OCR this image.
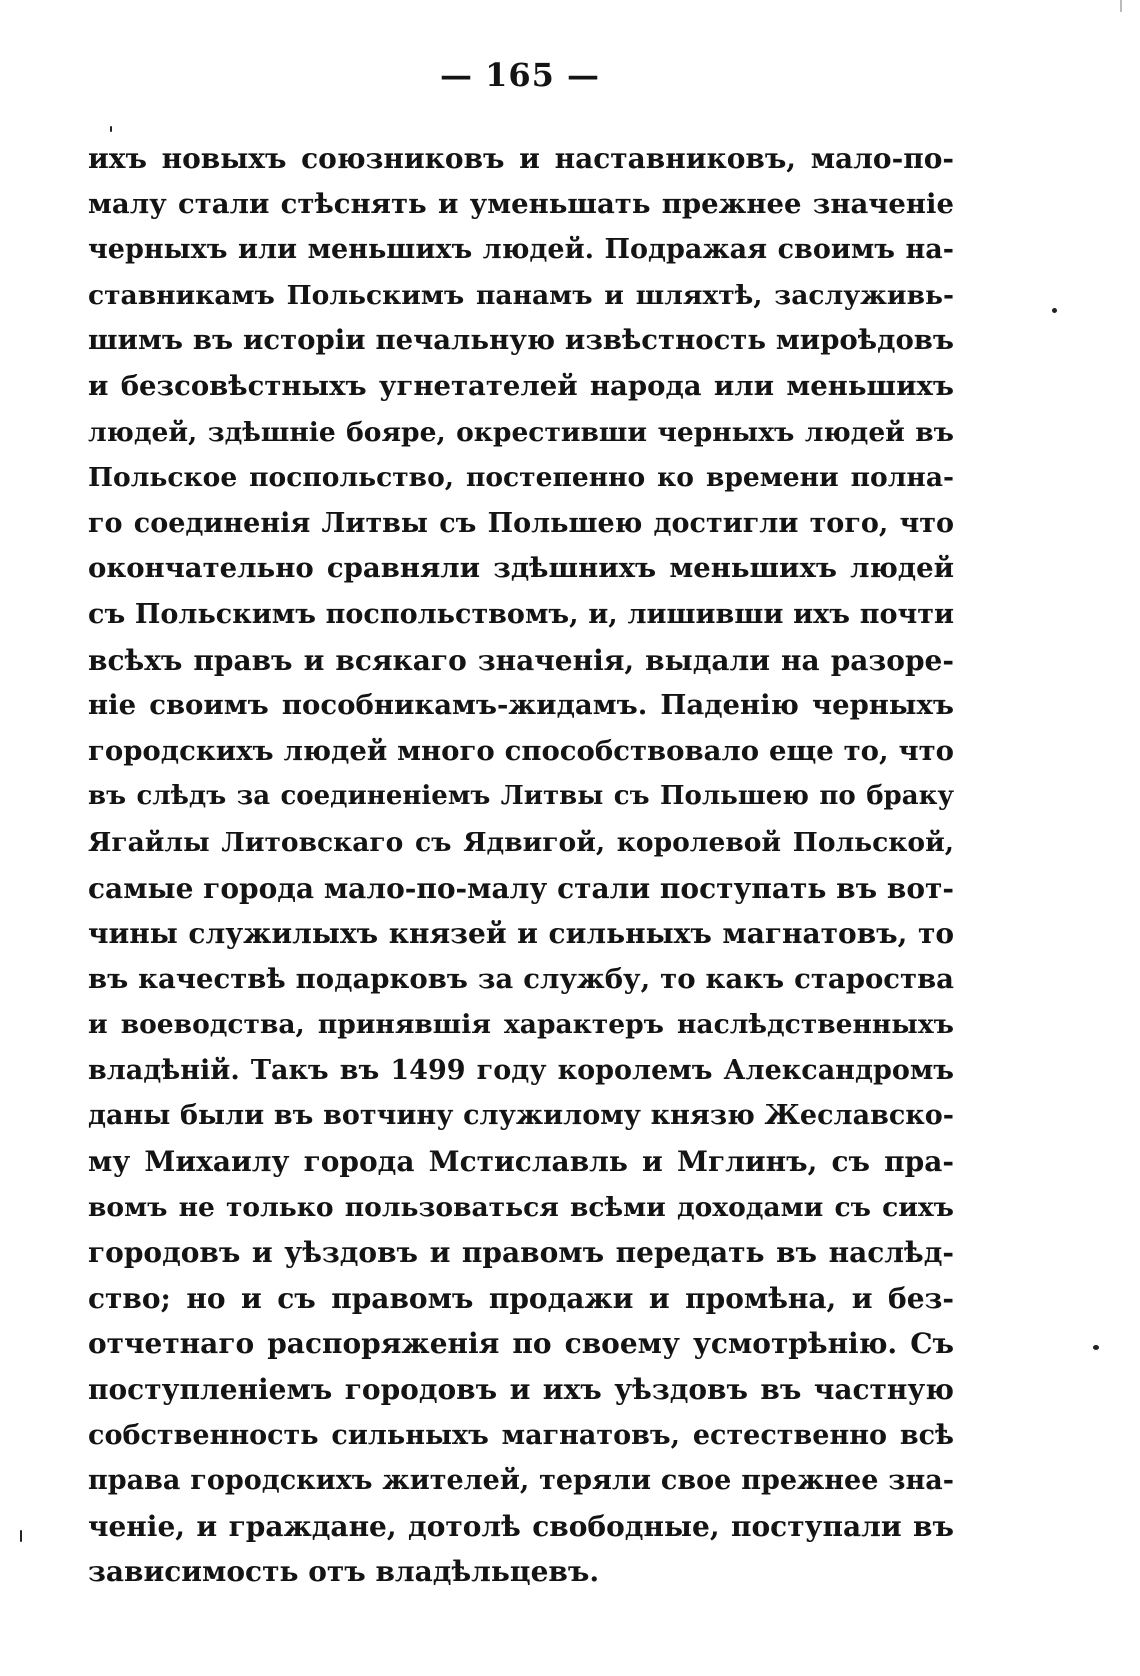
— 165 —
ихъ новыхъ союзниковъ и наставниковъ, мало-по-
малу стали стѣснять и уменьшать прежнее значеніе
черныхъ или меньшихъ людей. Подражая своимъ на-
ставникамъ Польскимъ панамъ и шляхтѣ, заслуживь-
шимъ въ исторіи печальную извѣстность мироѣдовъ
и безсовѣстныхъ угнетателей народа или меньшихъ
людей, здѣшніе бояре, окрестивши черныхъ людей въ
Польское поспольство, постепенно ко времени полна-
го соединенія Литвы съ Польшею достигли того, что
окончательно сравняли здѣшнихъ меньшихъ людей
съ Польскимъ поспольствомъ, и, лишивши ихъ почти
всѣхъ правъ и всякаго значенія, выдали на разоре-
ніе своимъ пособникамъ-жидамъ. Паденію черныхъ
городскихъ людей много способствовало еще то, что
въ слѣдъ за соединеніемъ Литвы съ Польшею по браку
Ягайлы Литовскаго съ Ядвигой, королевой Польской,
самые города мало-по-малу стали поступать въ вот-
чины служилыхъ князей и сильныхъ магнатовъ, то
въ качествѣ подарковъ за службу, то какъ староства
и воеводства, принявшія характеръ наслѣдственныхъ
владѣній. Такъ въ 1499 году королемъ Александромъ
даны были въ вотчину служилому князю Жеславско-
му Михаилу города Мстиславль и Мглинъ, съ пра-
вомъ не только пользоваться всѣми доходами съ сихъ
городовъ и уѣздовъ и правомъ передать въ наслѣд-
ство; но и съ правомъ продажи и промѣна, и без-
отчетнаго распоряженія по своему усмотрѣнію. Съ
поступленіемъ городовъ и ихъ уѣздовъ въ частную
собственность сильныхъ магнатовъ, естественно всѣ
права городскихъ жителей, теряли свое прежнее зна-
ченіе, и граждане, дотолѣ свободные, поступали въ
зависимость отъ владѣльцевъ.
